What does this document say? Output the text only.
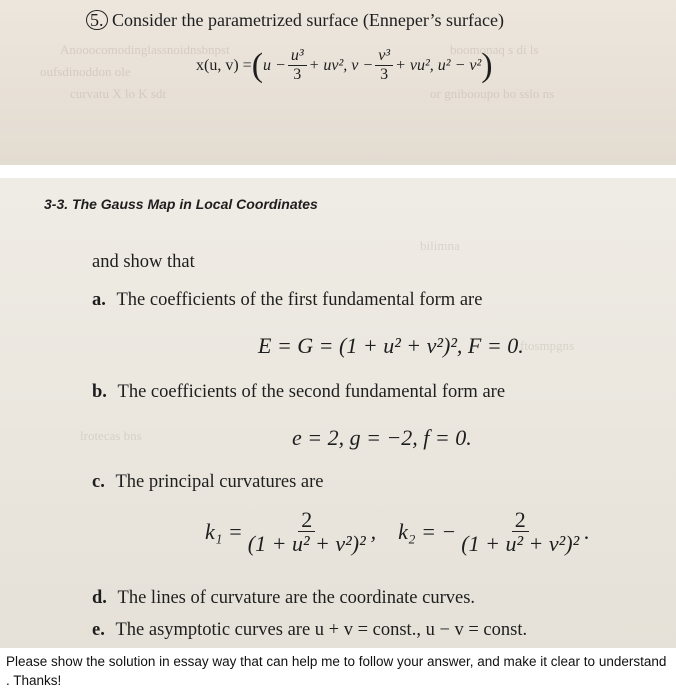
Anooocomodinglassnoidnsbnpst	boomonaq s di ls
oufsdinoddon ole
curvatu X lo K sdt	or gnibooupo bo sslo ns
5. Consider the parametrized surface (Enneper’s surface)
x(u, v) = ( $u - \frac{\text{u³}}{3} + uv^2$, $v - \frac{\text{v³}}{3} + vu^2$, u² − v² )
bilimna
ftosmpgns
lrotecas bns
3-3. The Gauss Map in Local Coordinates
and show that
a. The coefficients of the first fundamental form are
E = G = (1 + u² + v²)², F = 0.
b. The coefficients of the second fundamental form are
e = 2, g = −2, f = 0.
c. The principal curvatures are
$k_1 = \frac{2}{\text{(1 + u² + v²)²}}$ , k₂ = − $\frac{2}{\text{(1 + u² + v²)²}}$ .
d. The lines of curvature are the coordinate curves.
e. The asymptotic curves are u + v = const., u − v = const.
Please show the solution in essay way that can help me to follow your answer, and make it clear to understand . Thanks!
